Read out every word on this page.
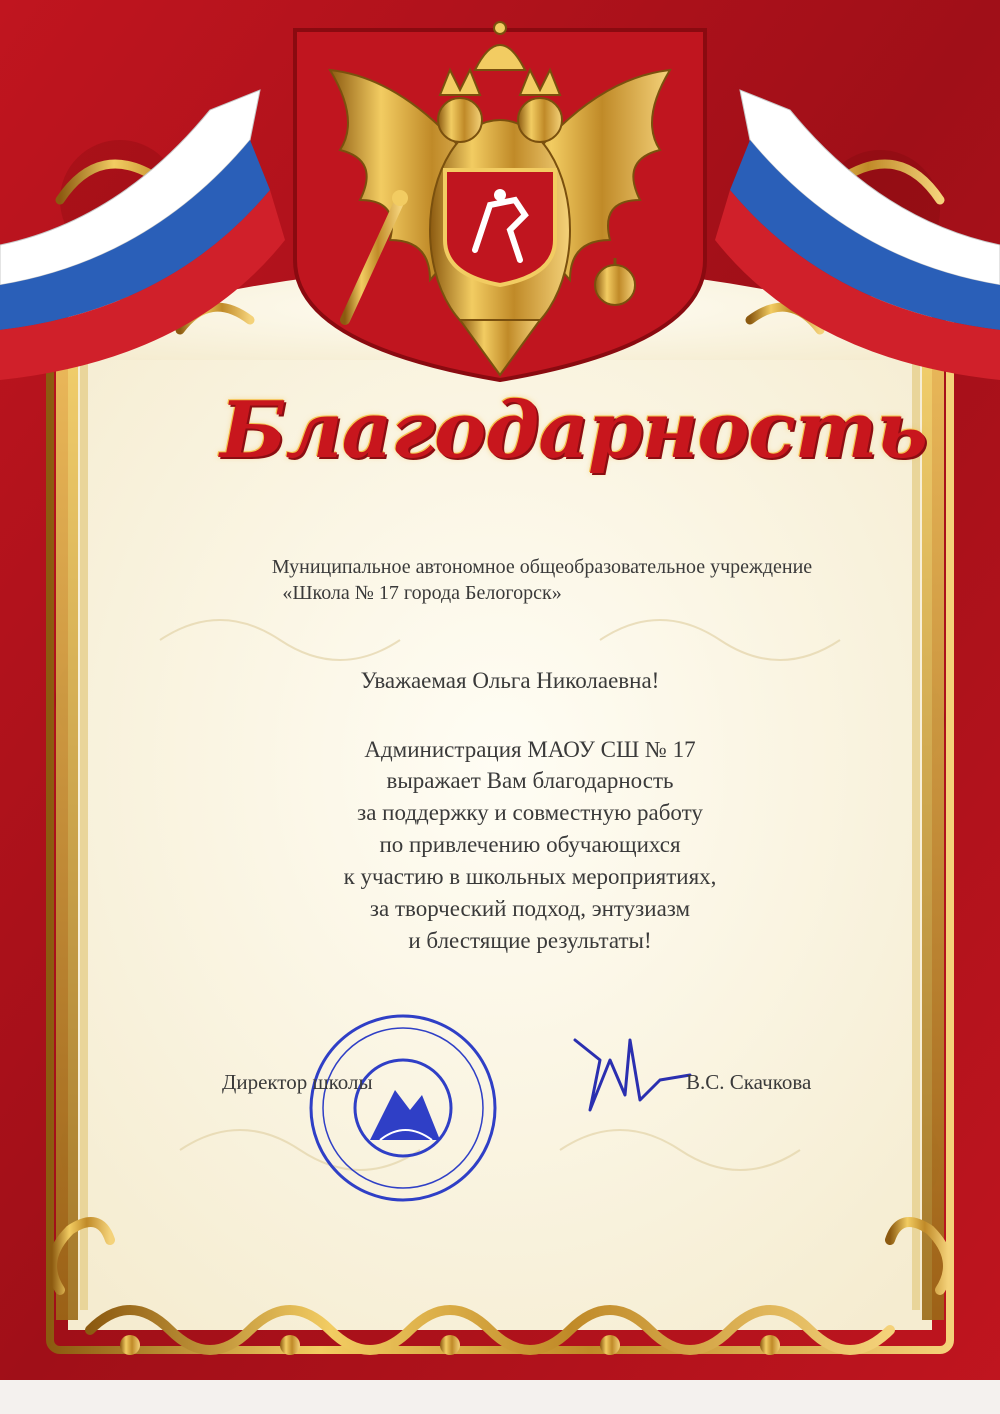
Благодарность
Муниципальное автономное общеобразовательное учреждение
«Школа № 17 города Белогорск»
Уважаемая Ольга Николаевна!
Администрация МАОУ СШ № 17
выражает Вам благодарность
за поддержку и совместную работу
по привлечению обучающихся
к участию в школьных мероприятиях,
за творческий подход, энтузиазм
и блестящие результаты!
Директор школы	В.С. Скачкова
